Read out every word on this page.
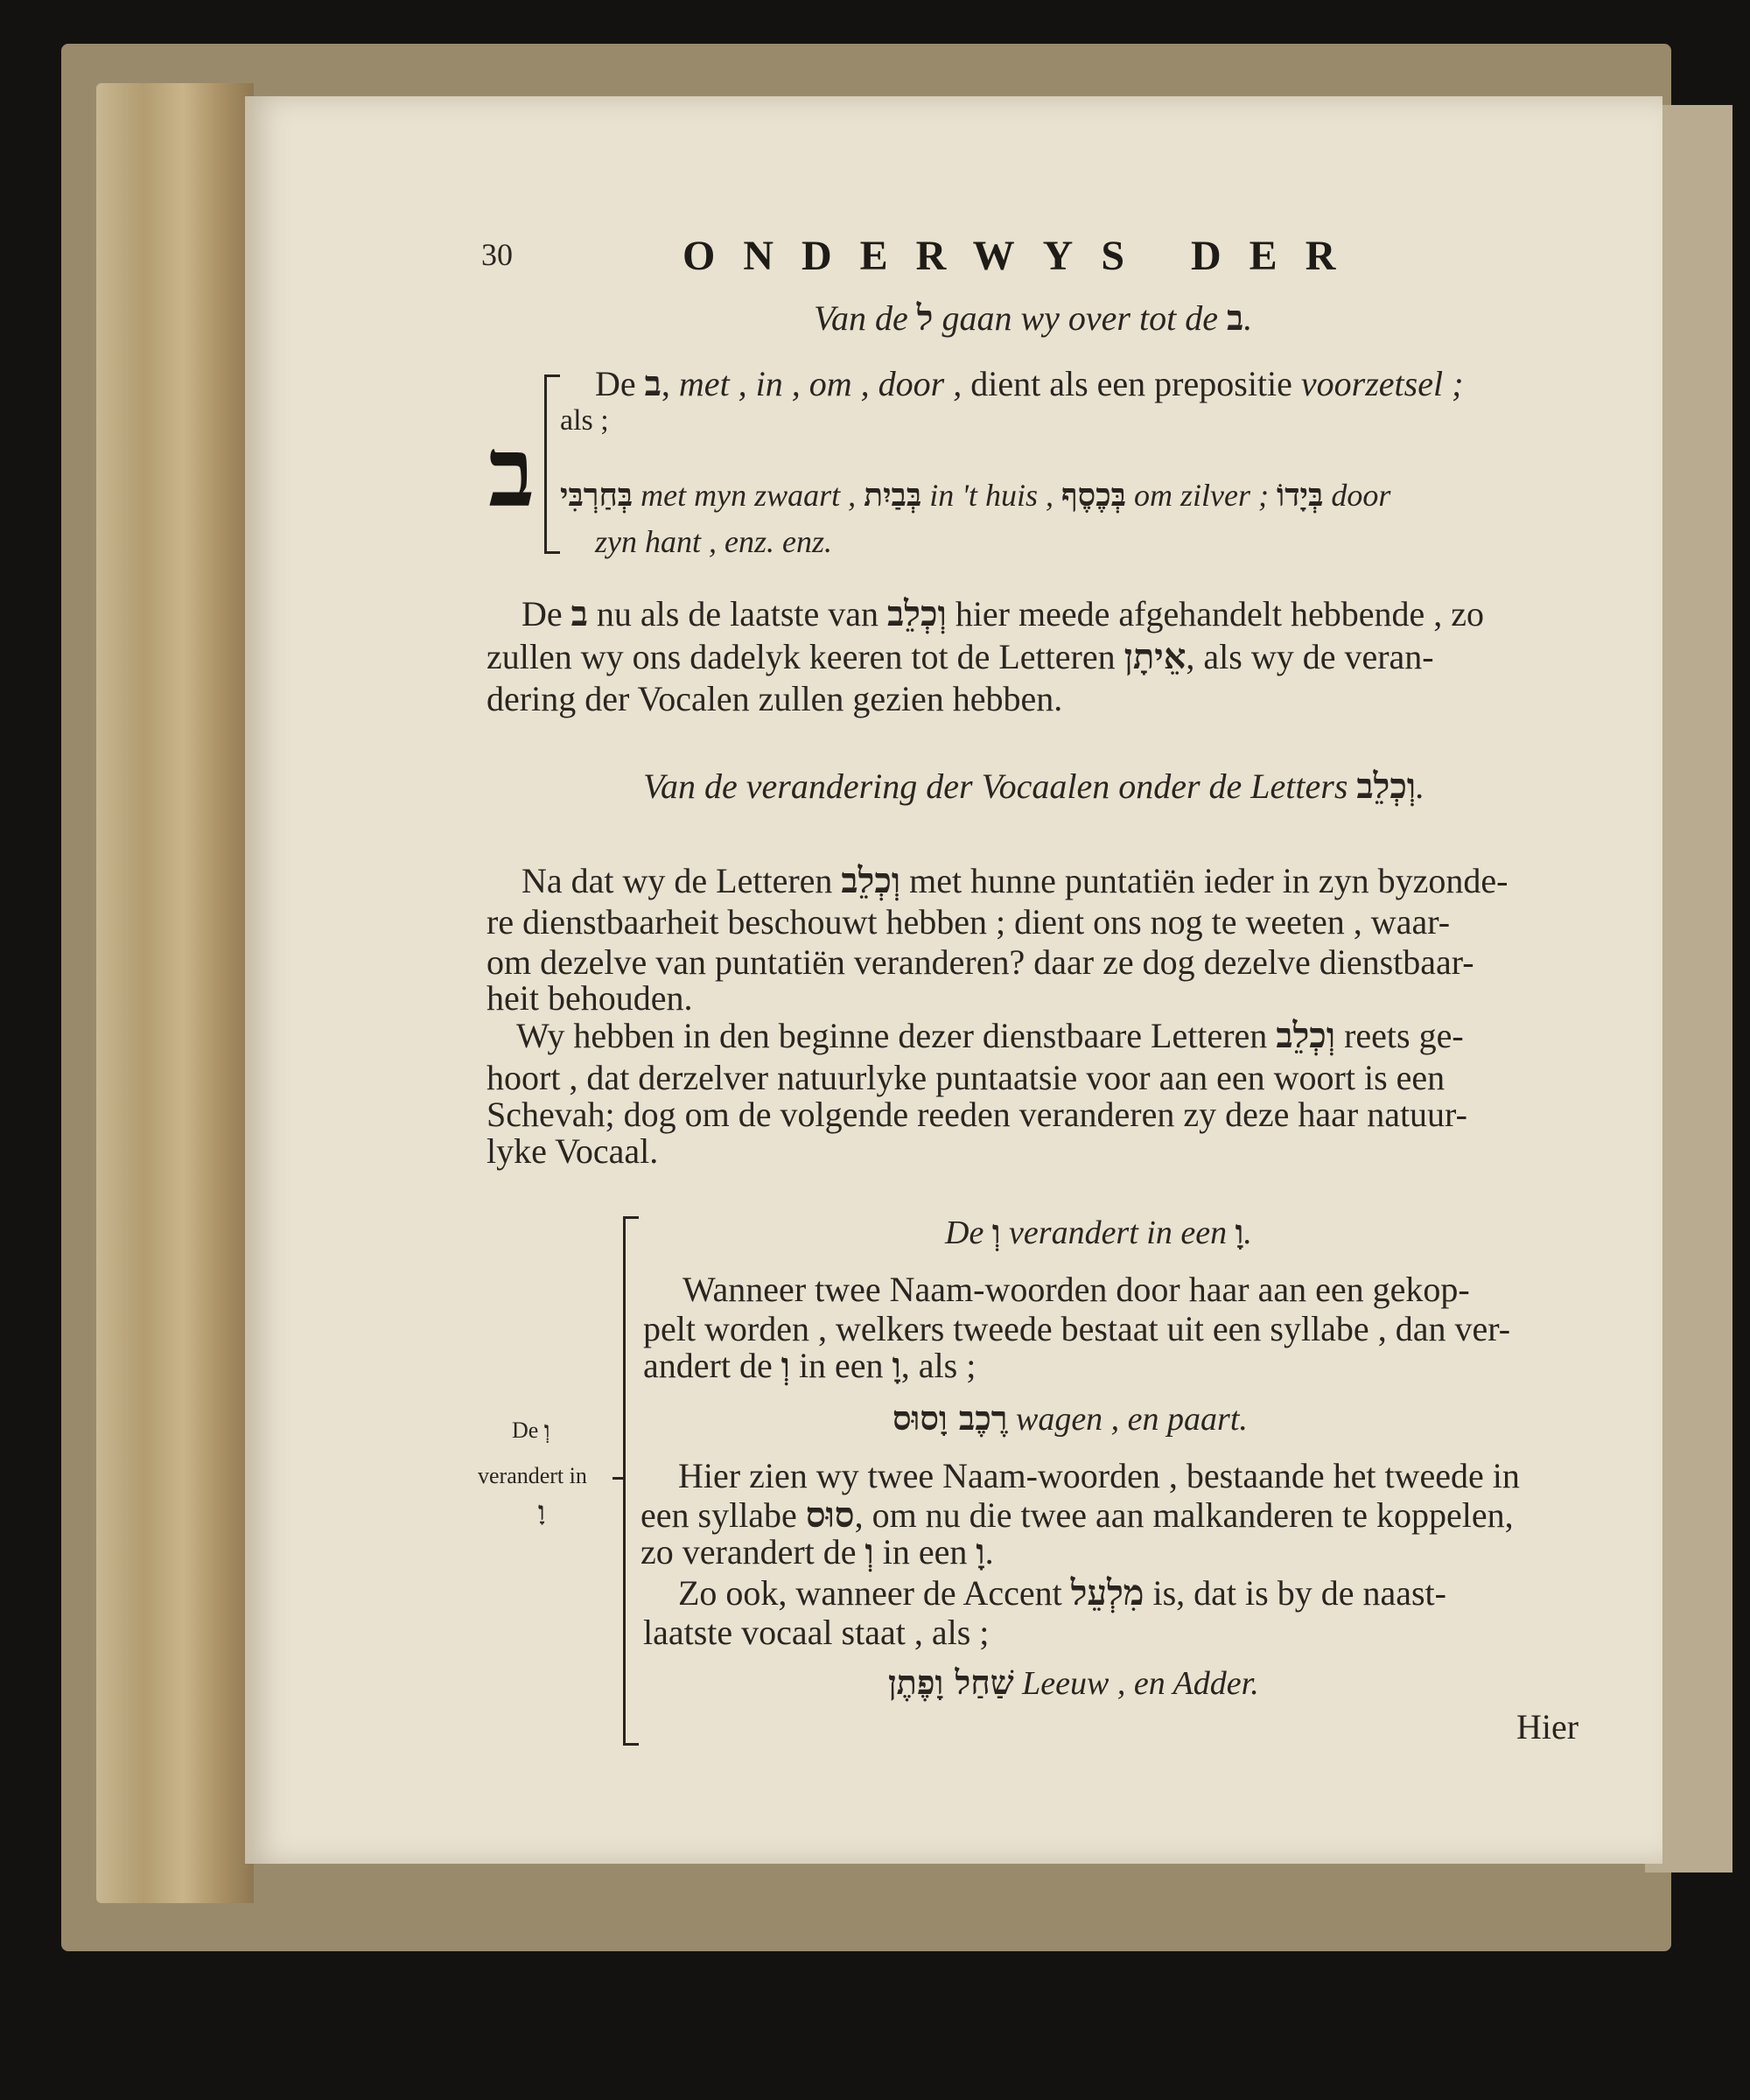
30	ONDERWYS DER
Van de ל gaan wy over tot de ב.
ב
De ב, met , in , om , door , dient als een prepositie voorzetsel ;
als ;
בְּחַרְבִּי met myn zwaart , בְּבַיִת in 't huis , בְּכֶסֶף om zilver ; בְּיָדוֹ door
zyn hant , enz. enz.
De ב nu als de laatste van וְכְלֵב hier meede afgehandelt hebbende , zo
zullen wy ons dadelyk keeren tot de Letteren אֵיתָן, als wy de veran-
dering der Vocalen zullen gezien hebben.
Van de verandering der Vocaalen onder de Letters וְכְלֵב.
Na dat wy de Letteren וְכְלֵב met hunne puntatiën ieder in zyn byzonde-
re dienstbaarheit beschouwt hebben ; dient ons nog te weeten , waar-
om dezelve van puntatiën veranderen? daar ze dog dezelve dienstbaar-
heit behouden.
Wy hebben in den beginne dezer dienstbaare Letteren וְכְלֵב reets ge-
hoort , dat derzelver natuurlyke puntaatsie voor aan een woort is een
Schevah; dog om de volgende reeden veranderen zy deze haar natuur-
lyke Vocaal.
De וְ
verandert in
וָ
De וְ verandert in een וָ.
Wanneer twee Naam-woorden door haar aan een gekop-
pelt worden , welkers tweede bestaat uit een syllabe , dan ver-
andert de וְ in een וָ, als ;
רֶכֶב וָסוּס wagen , en paart.
Hier zien wy twee Naam-woorden , bestaande het tweede in
een syllabe סוּס, om nu die twee aan malkanderen te koppelen,
zo verandert de וְ in een וָ.
Zo ook, wanneer de Accent מִלְעֵל is, dat is by de naast-
laatste vocaal staat , als ;
שַׁחַל וָפֶתֶן Leeuw , en Adder.
Hier
